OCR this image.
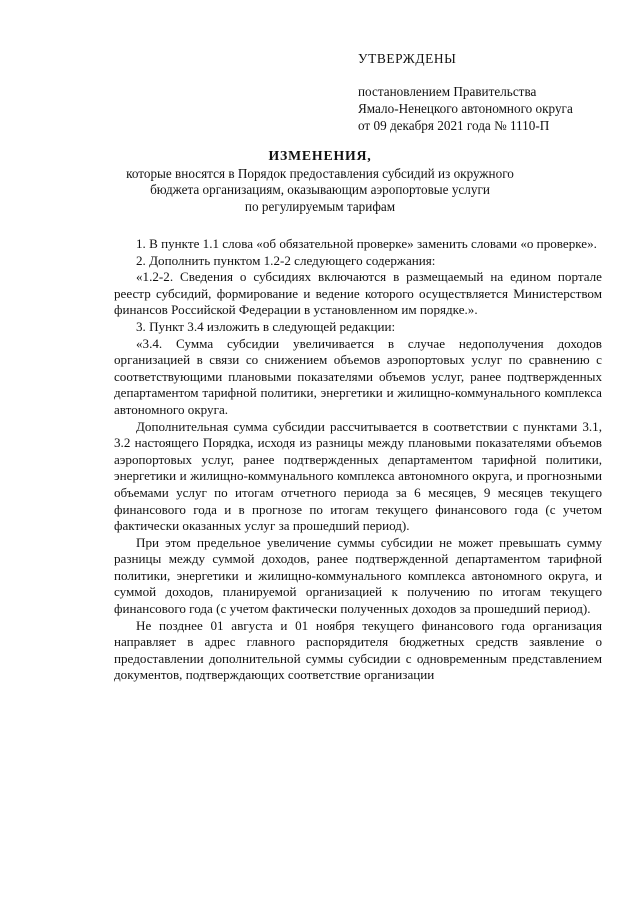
УТВЕРЖДЕНЫ
постановлением Правительства
Ямало-Ненецкого автономного округа
от 09 декабря 2021 года № 1110-П
ИЗМЕНЕНИЯ,
которые вносятся в Порядок предоставления субсидий из окружного
бюджета организациям, оказывающим аэропортовые услуги
по регулируемым тарифам

1. В пункте 1.1 слова «об обязательной проверке» заменить словами «о проверке».

2. Дополнить пунктом 1.2-2 следующего содержания:

«1.2-2. Сведения о субсидиях включаются в размещаемый на едином портале реестр субсидий, формирование и ведение которого осуществляется Министерством финансов Российской Федерации в установленном им порядке.».

3. Пункт 3.4 изложить в следующей редакции:

«3.4. Сумма субсидии увеличивается в случае недополучения доходов организацией в связи со снижением объемов аэропортовых услуг по сравнению с соответствующими плановыми показателями объемов услуг, ранее подтвержденных департаментом тарифной политики, энергетики и жилищно-коммунального комплекса автономного округа.

Дополнительная сумма субсидии рассчитывается в соответствии с пунктами 3.1, 3.2 настоящего Порядка, исходя из разницы между плановыми показателями объемов аэропортовых услуг, ранее подтвержденных департаментом тарифной политики, энергетики и жилищно-коммунального комплекса автономного округа, и прогнозными объемами услуг по итогам отчетного периода за 6 месяцев, 9 месяцев текущего финансового года и в прогнозе по итогам текущего финансового года (с учетом фактически оказанных услуг за прошедший период).

При этом предельное увеличение суммы субсидии не может превышать сумму разницы между суммой доходов, ранее подтвержденной департаментом тарифной политики, энергетики и жилищно-коммунального комплекса автономного округа, и суммой доходов, планируемой организацией к получению по итогам текущего финансового года (с учетом фактически полученных доходов за прошедший период).

Не позднее 01 августа и 01 ноября текущего финансового года организация направляет в адрес главного распорядителя бюджетных средств заявление о предоставлении дополнительной суммы субсидии с одновременным представлением документов, подтверждающих соответствие организации
